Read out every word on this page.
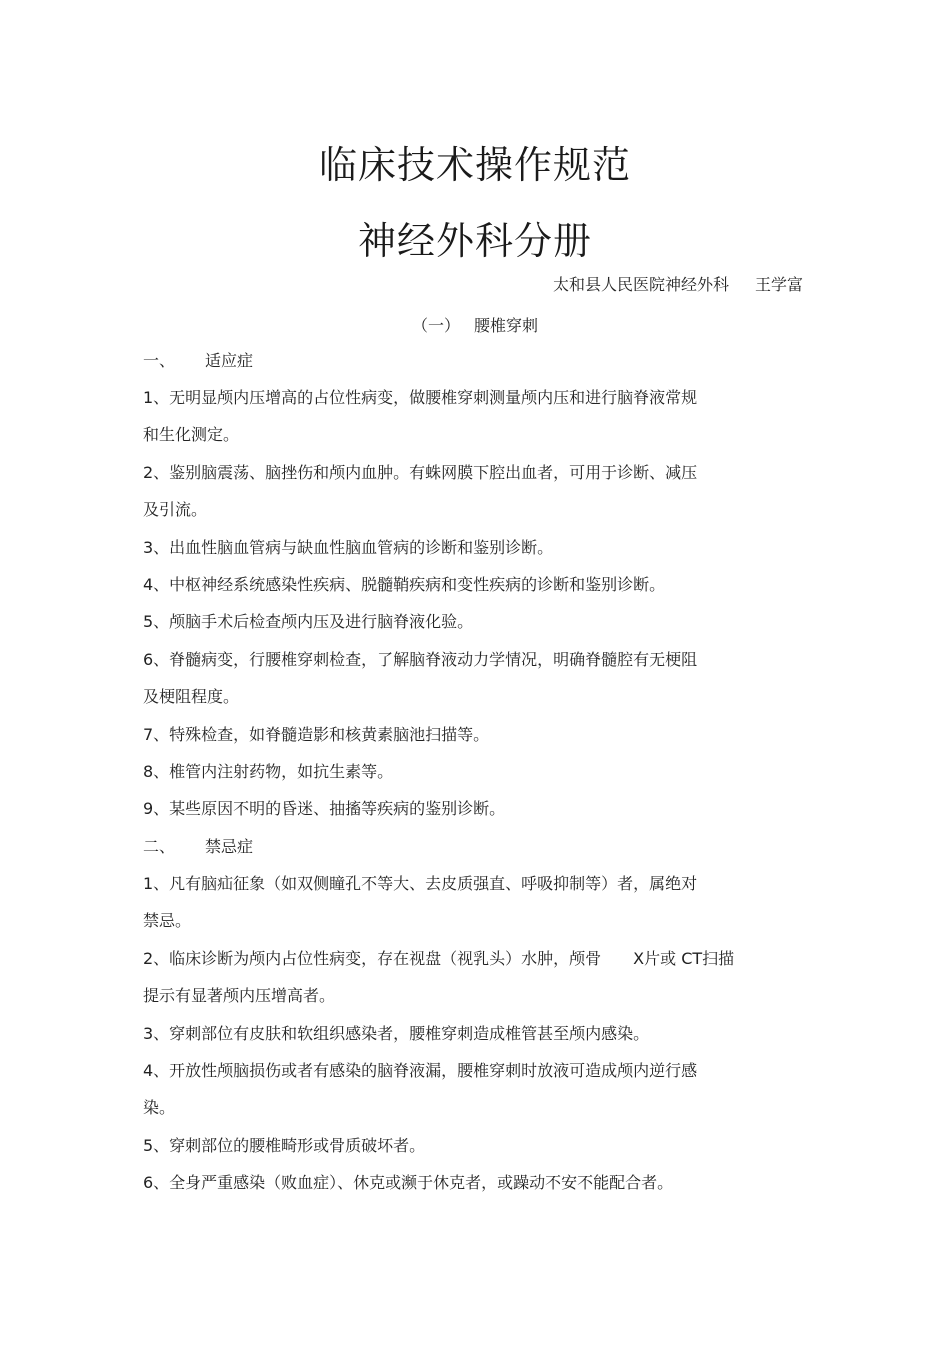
临床技术操作规范
神经外科分册
太和县人民医院神经外科 王学富
（一） 腰椎穿刺
一、 适应症
1、无明显颅内压增高的占位性病变，做腰椎穿刺测量颅内压和进行脑脊液常规
和生化测定。
2、鉴别脑震荡、脑挫伤和颅内血肿。有蛛网膜下腔出血者，可用于诊断、减压
及引流。
3、出血性脑血管病与缺血性脑血管病的诊断和鉴别诊断。
4、中枢神经系统感染性疾病、脱髓鞘疾病和变性疾病的诊断和鉴别诊断。
5、颅脑手术后检查颅内压及进行脑脊液化验。
6、脊髓病变，行腰椎穿刺检查，了解脑脊液动力学情况，明确脊髓腔有无梗阻
及梗阻程度。
7、特殊检查，如脊髓造影和核黄素脑池扫描等。
8、椎管内注射药物，如抗生素等。
9、某些原因不明的昏迷、抽搐等疾病的鉴别诊断。
二、 禁忌症
1、凡有脑疝征象（如双侧瞳孔不等大、去皮质强直、呼吸抑制等）者，属绝对
禁忌。
2、临床诊断为颅内占位性病变，存在视盘（视乳头）水肿，颅骨　　X片或 CT扫描
提示有显著颅内压增高者。
3、穿刺部位有皮肤和软组织感染者，腰椎穿刺造成椎管甚至颅内感染。
4、开放性颅脑损伤或者有感染的脑脊液漏，腰椎穿刺时放液可造成颅内逆行感
染。
5、穿刺部位的腰椎畸形或骨质破坏者。
6、全身严重感染（败血症）、休克或濒于休克者，或躁动不安不能配合者。
